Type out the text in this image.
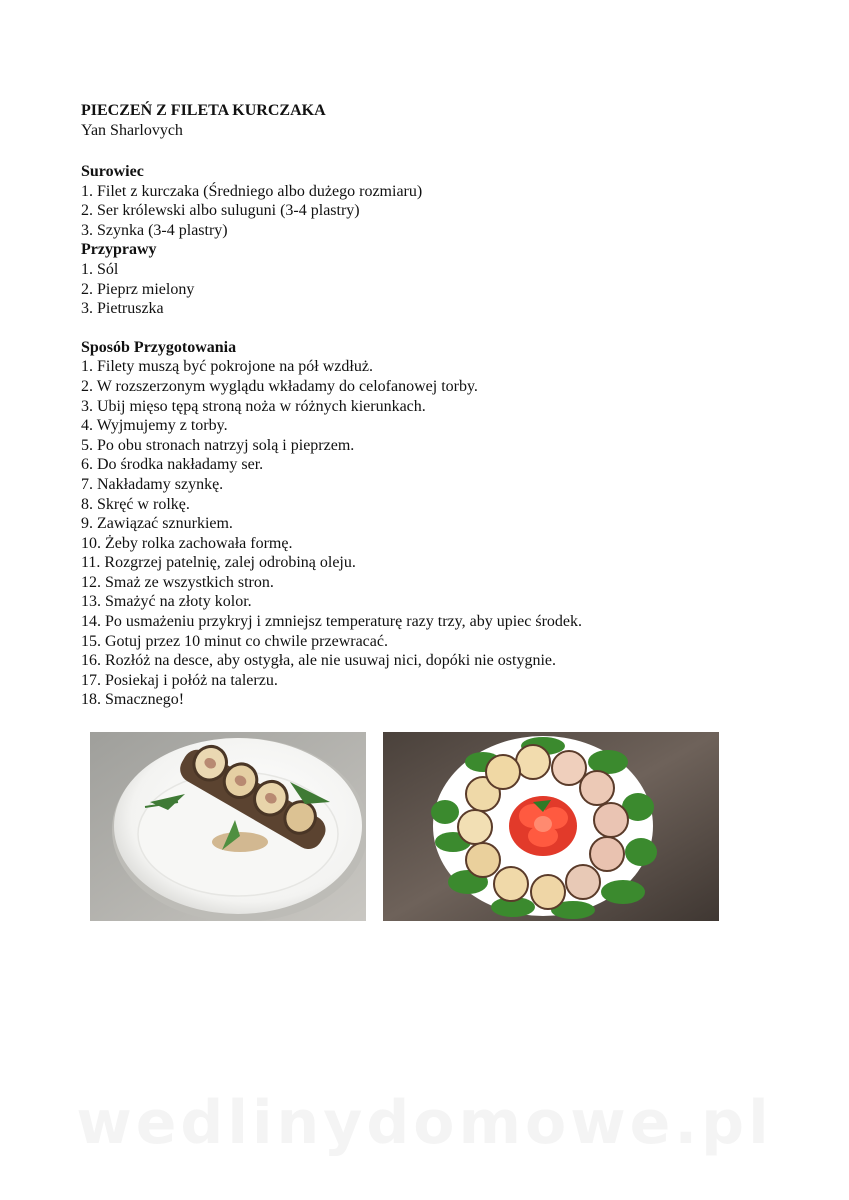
PIECZEŃ Z FILETA KURCZAKA

Yan Sharlovych

Surowiec

1. Filet z kurczaka (Średniego albo dużego rozmiaru)
2. Ser królewski albo suluguni (3-4 plastry)
3. Szynka (3-4 plastry)

Przyprawy

1. Sól
2. Pieprz mielony
3. Pietruszka

Sposób Przygotowania

1. Filety muszą być pokrojone na pół wzdłuż.
2. W rozszerzonym wyglądu wkładamy do celofanowej torby.
3. Ubij mięso tępą stroną noża w różnych kierunkach.
4. Wyjmujemy z torby.
5. Po obu stronach natrzyj solą i pieprzem.
6. Do środka nakładamy ser.
7. Nakładamy szynkę.
8. Skręć w rolkę.
9. Zawiązać sznurkiem.
10. Żeby rolka zachowała formę.
11. Rozgrzej patelnię, zalej odrobiną oleju.
12. Smaż ze wszystkich stron.
13. Smażyć na złoty kolor.
14. Po usmażeniu przykryj i zmniejsz temperaturę razy trzy, aby upiec środek.
15. Gotuj przez 10 minut co chwile przewracać.
16. Rozłóż na desce, aby ostygła, ale nie usuwaj nici, dopóki nie ostygnie.
17. Posiekaj i połóż na talerzu.
18. Smacznego!
wedlinydomowe.pl
